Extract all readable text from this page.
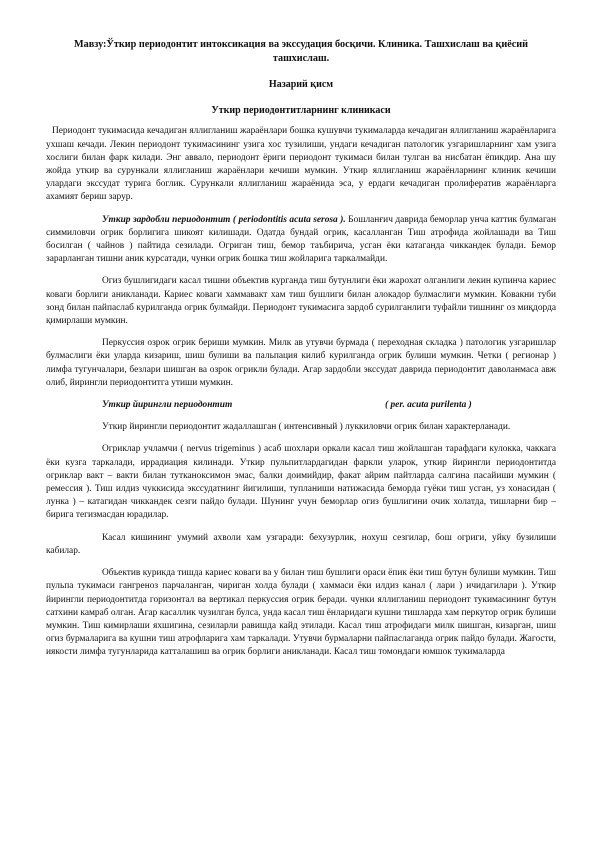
Мавзу:Ўткир периодонтит интоксикация ва экссудация босқичи. Клиника. Ташхислаш ва қиёсий ташхислаш.
Назарий қисм
Уткир периодонтитларнинг клиникаси

Периодонт тукимасида кечадиган яллигланиш жараёнлари бошка кушувчи тукималарда кечадиган яллигланиш жараёнларига ухшаш кечади. Лекин периодонт тукимасининг узига хос тузилиши, ундаги кечадиган патологик узгаришларнинг хам узига хослиги билан фарк килади. Энг аввало, периодонт ёриги периодонт тукимаси билан тулган ва нисбатан ёпикдир. Ана шу жойда уткир ва сурункали яллигланиш жараёнлари кечиши мумкин. Уткир яллигланиш жараёнларнинг клиник кечиши улардаги экссудат турига боглик. Сурункали яллигланиш жараёнида эса, у ердаги кечадиган пролифератив жараёнларга ахамият бериш зарур.

Уткир зардобли периодонтит ( periodontitis acuta serosa ). Бошланғич даврида беморлар унча каттик булмаган симмиловчи огрик борлигига шикоят килишади. Одатда бундай огрик, касалланган Тиш атрофида жойлашади ва Тиш босилган ( чайнов ) пайтида сезилади. Огриган тиш, бемор таъбирича, усган ёки катаганда чиккандек булади. Бемор зарарланган тишни аник курсатади, чунки огрик бошка тиш жойларига таркалмайди.

Огиз бушлигидаги касал тишни объектив курганда тиш бутунлиги ёки жарохат олганлиги лекин купинча кариес коваги борлиги аникланади. Кариес коваги хаммавакт хам тиш бушлиги билан алокадор булмаслиги мумкин. Ковакни туби зонд билан пайпаслаб курилганда огрик булмайди. Периодонт тукимасига зардоб сурилганлиги туфайли тишнинг оз миқдорда қимирлаши мумкин.

Перкуссия озрок огрик бериши мумкин. Милк ав утувчи бурмада ( переходная складка ) патологик узгаришлар булмаслиги ёки уларда кизариш, шиш булиши ва пальпация килиб курилганда огрик булиши мумкин. Четки ( регионар ) лимфа тугунчалари, безлари шишган ва озрок огрикли булади. Агар зардобли экссудат даврида периодонтит даволанмаса авж олиб, йирингли периодонтитга утиши мумкин.

Уткир йирингли периодонтит	( per. acuta purilenta )

Уткир йирингли периодонтит жадаллашган ( интенсивный ) луккиловчи огрик билан характерланади.

Огриклар учламчи ( nervus trigeminus ) асаб шохлари оркали касал тиш жойлашган тарафдаги кулокка, чаккага ёки кузга таркалади, иррадиация килинади. Уткир пульпитлардагидан фаркли уларок, уткир йирингли периодонтитда огриклар вакт – вакти билан тутканоксимон эмас, балки доимийдир, факат айрим пайтларда салгина пасайиши мумкин ( ремессия ). Тиш илдиз чуккисида экссудатнинг йигилиши, тупланиши натижасида беморда гуёки тиш усган, уз хонасидан ( лунка ) – катагидан чиккандек сезги пайдо булади. Шунинг учун беморлар огиз бушлигини очик холатда, тишларни бир – бирига тегизмасдан юрадилар.

Касал кишининг умумий ахволи хам узгаради: бехузурлик, нохуш сезгилар, бош огриги, уйку бузилиши кабилар.

Объектив курикда тишда кариес коваги ва у билан тиш бушлиги ораси ёпик ёки тиш бутун булиши мумкин. Тиш пульпа тукимаси гангреноз парчаланган, чириган холда булади ( хаммаси ёки илдиз канал ( лари ) ичидагилари ). Уткир йирингли периодонтитда горизонтал ва вертикал перкуссия огрик беради. чунки яллигланиш периодонт тукимасининг бутун сатхини камраб олган. Агар касаллик чузилган булса, унда касал тиш ёнларидаги кушни тишларда хам перкутор огрик булиши мумкин. Тиш кимирлаши яхшигина, сезиларли равишда кайд этилади. Касал тиш атрофидаги милк шишган, кизарган, шиш огиз бурмаларига ва кушни тиш атрофларига хам таркалади. Утувчи бурмаларни пайпаслаганда огрик пайдо булади. Жагости, иякости лимфа тугунларида катталашиш ва огрик борлиги аникланади. Касал тиш томондаги юмшок тукималарда
